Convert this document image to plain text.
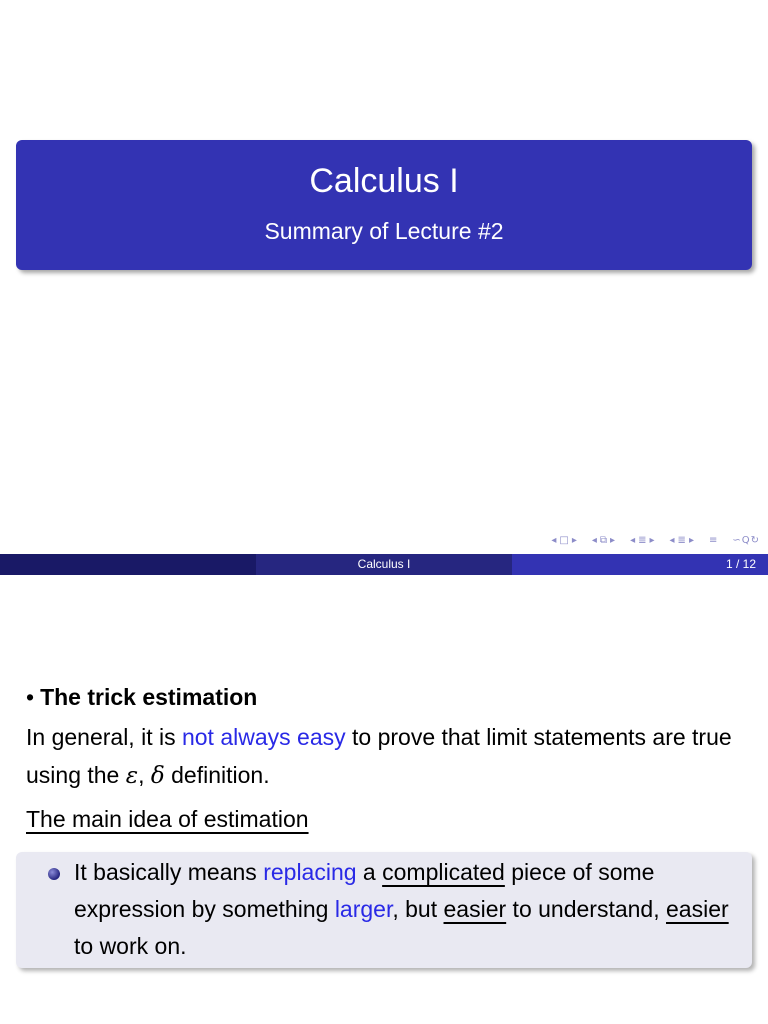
Calculus I
Summary of Lecture #2
◂ □ ▸ ◂ ⧉ ▸ ◂ ≣ ▸ ◂ ≣ ▸ ≡ ∽Q↻
Calculus I	1 / 12
• The trick estimation
In general, it is not always easy to prove that limit statements are true using the ε, δ definition.
The main idea of estimation
It basically means replacing a complicated piece of some expression by something larger, but easier to understand, easier to work on.
